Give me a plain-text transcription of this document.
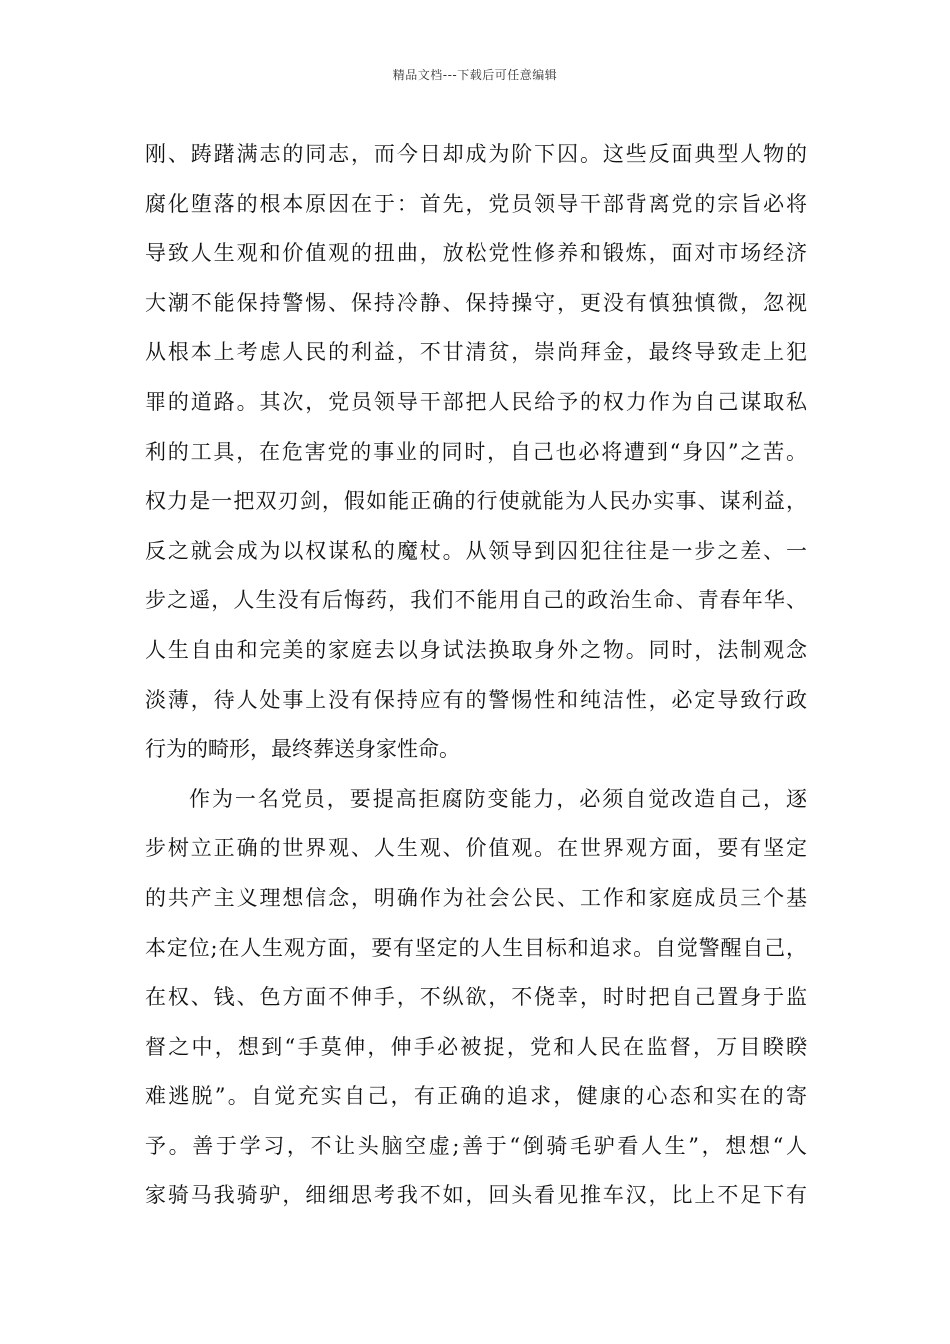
精品文档---下载后可任意编辑
刚、踌躇满志的同志，而今日却成为阶下囚。这些反面典型人物的
腐化堕落的根本原因在于：首先，党员领导干部背离党的宗旨必将
导致人生观和价值观的扭曲，放松党性修养和锻炼，面对市场经济
大潮不能保持警惕、保持冷静、保持操守，更没有慎独慎微，忽视
从根本上考虑人民的利益，不甘清贫，崇尚拜金，最终导致走上犯
罪的道路。其次，党员领导干部把人民给予的权力作为自己谋取私
利的工具，在危害党的事业的同时，自己也必将遭到“身囚”之苦。
权力是一把双刃剑，假如能正确的行使就能为人民办实事、谋利益，
反之就会成为以权谋私的魔杖。从领导到囚犯往往是一步之差、一
步之遥，人生没有后悔药，我们不能用自己的政治生命、青春年华、
人生自由和完美的家庭去以身试法换取身外之物。同时，法制观念
淡薄，待人处事上没有保持应有的警惕性和纯洁性，必定导致行政
行为的畸形，最终葬送身家性命。
作为一名党员，要提高拒腐防变能力，必须自觉改造自己，逐
步树立正确的世界观、人生观、价值观。在世界观方面，要有坚定
的共产主义理想信念，明确作为社会公民、工作和家庭成员三个基
本定位;在人生观方面，要有坚定的人生目标和追求。自觉警醒自己，
在权、钱、色方面不伸手，不纵欲，不侥幸，时时把自己置身于监
督之中，想到“手莫伸，伸手必被捉，党和人民在监督，万目睽睽
难逃脱”。自觉充实自己，有正确的追求，健康的心态和实在的寄
予。善于学习，不让头脑空虚;善于“倒骑毛驴看人生”，想想“人
家骑马我骑驴，细细思考我不如，回头看见推车汉，比上不足下有
